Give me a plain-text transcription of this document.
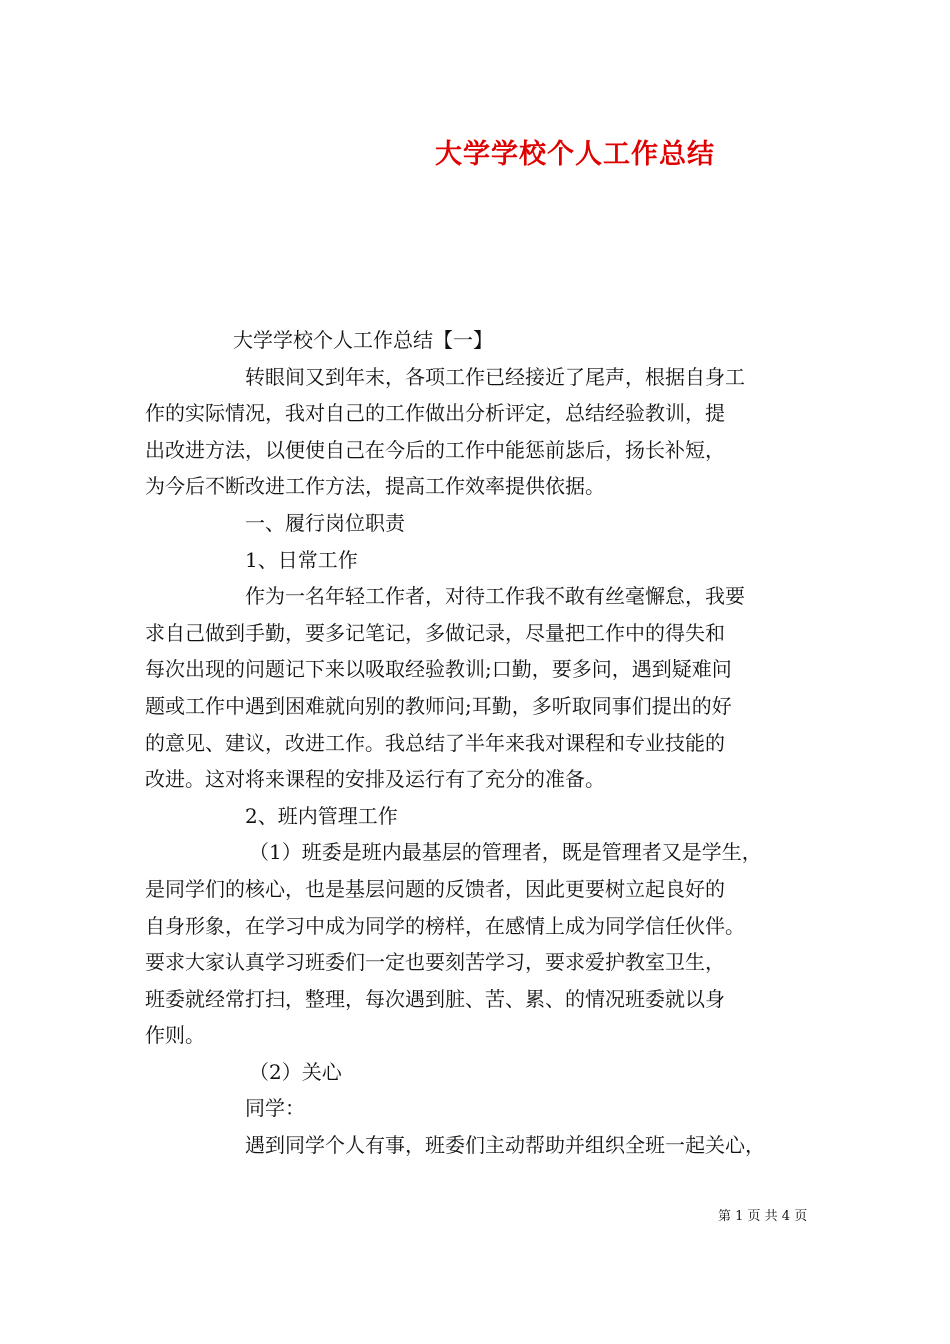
大学学校个人工作总结
大学学校个人工作总结【一】
转眼间又到年末，各项工作已经接近了尾声，根据自身工
作的实际情况，我对自己的工作做出分析评定，总结经验教训，提
出改进方法，以便使自己在今后的工作中能惩前毖后，扬长补短，
为今后不断改进工作方法，提高工作效率提供依据。
一、履行岗位职责
1、日常工作
作为一名年轻工作者，对待工作我不敢有丝毫懈怠，我要
求自己做到手勤，要多记笔记，多做记录，尽量把工作中的得失和
每次出现的问题记下来以吸取经验教训;口勤，要多问，遇到疑难问
题或工作中遇到困难就向别的教师问;耳勤，多听取同事们提出的好
的意见、建议，改进工作。我总结了半年来我对课程和专业技能的
改进。这对将来课程的安排及运行有了充分的准备。
2、班内管理工作
（1）班委是班内最基层的管理者，既是管理者又是学生，
是同学们的核心，也是基层问题的反馈者，因此更要树立起良好的
自身形象，在学习中成为同学的榜样，在感情上成为同学信任伙伴。
要求大家认真学习班委们一定也要刻苦学习，要求爱护教室卫生，
班委就经常打扫，整理，每次遇到脏、苦、累、的情况班委就以身
作则。
（2）关心
同学：
遇到同学个人有事，班委们主动帮助并组织全班一起关心，
第 1 页 共 4 页
